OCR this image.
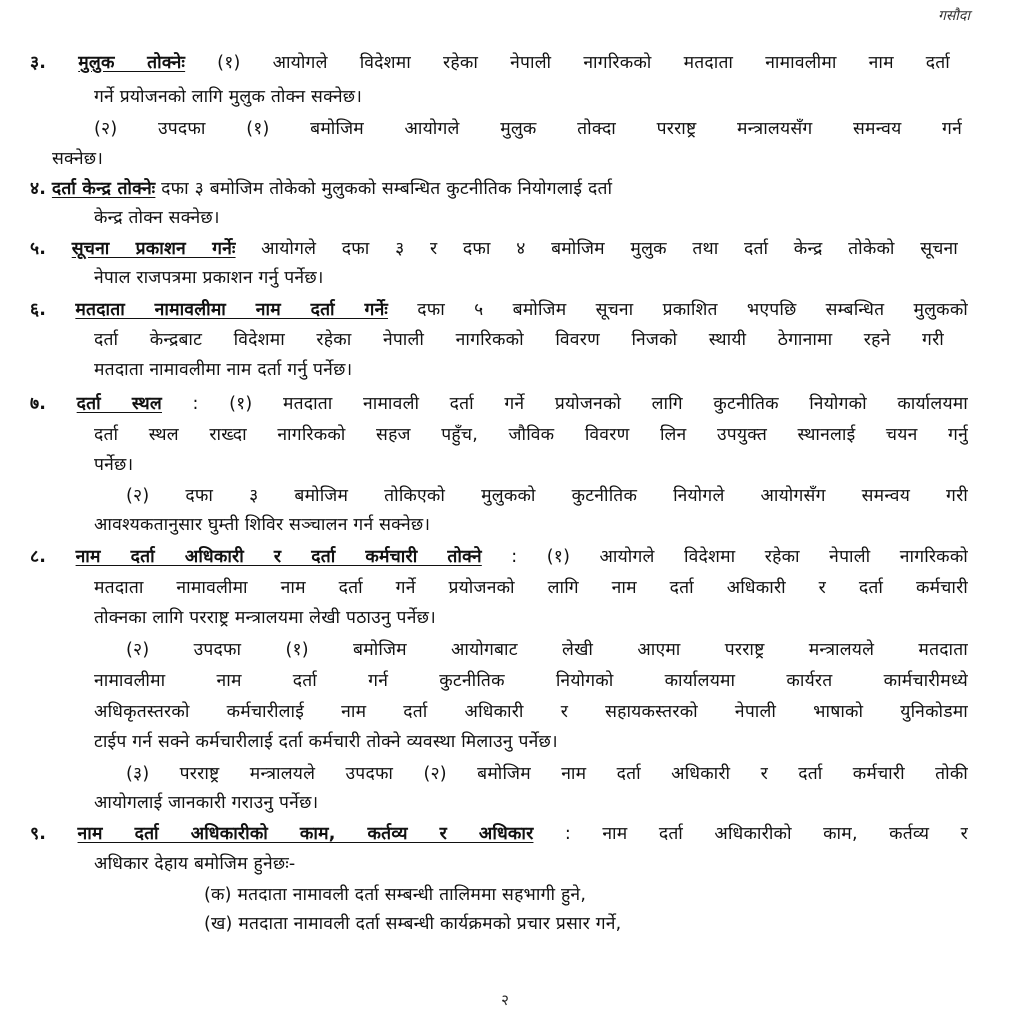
गसौदा
३. मुलुक तोक्नेः (१) आयोगले विदेशमा रहेका नेपाली नागरिकको मतदाता नामावलीमा नाम दर्ता
गर्ने प्रयोजनको लागि मुलुक तोक्न सक्नेछ।
(२) उपदफा (१) बमोजिम आयोगले मुलुक तोक्दा परराष्ट्र मन्त्रालयसँग समन्वय गर्न
सक्नेछ।
४. दर्ता केन्द्र तोक्नेः दफा ३ बमोजिम तोकेको मुलुकको सम्बन्धित कुटनीतिक नियोगलाई दर्ता
केन्द्र तोक्न सक्नेछ।
५. सूचना प्रकाशन गर्नेः आयोगले दफा ३ र दफा ४ बमोजिम मुलुक तथा दर्ता केन्द्र तोकेको सूचना
नेपाल राजपत्रमा प्रकाशन गर्नु पर्नेछ।
६. मतदाता नामावलीमा नाम दर्ता गर्नेः दफा ५ बमोजिम सूचना प्रकाशित भएपछि सम्बन्धित मुलुकको
दर्ता केन्द्रबाट विदेशमा रहेका नेपाली नागरिकको विवरण निजको स्थायी ठेगानामा रहने गरी
मतदाता नामावलीमा नाम दर्ता गर्नु पर्नेछ।
७. दर्ता स्थल : (१) मतदाता नामावली दर्ता गर्ने प्रयोजनको लागि कुटनीतिक नियोगको कार्यालयमा
दर्ता स्थल राख्दा नागरिकको सहज पहुँच, जौविक विवरण लिन उपयुक्त स्थानलाई चयन गर्नु
पर्नेछ।
(२) दफा ३ बमोजिम तोकिएको मुलुकको कुटनीतिक नियोगले आयोगसँग समन्वय गरी
आवश्यकतानुसार घुम्ती शिविर सञ्चालन गर्न सक्नेछ।
८. नाम दर्ता अधिकारी र दर्ता कर्मचारी तोक्ने : (१) आयोगले विदेशमा रहेका नेपाली नागरिकको
मतदाता नामावलीमा नाम दर्ता गर्ने प्रयोजनको लागि नाम दर्ता अधिकारी र दर्ता कर्मचारी
तोक्नका लागि परराष्ट्र मन्त्रालयमा लेखी पठाउनु पर्नेछ।
(२) उपदफा (१) बमोजिम आयोगबाट लेखी आएमा परराष्ट्र मन्त्रालयले मतदाता
नामावलीमा नाम दर्ता गर्न कुटनीतिक नियोगको कार्यालयमा कार्यरत कार्मचारीमध्ये
अधिकृतस्तरको कर्मचारीलाई नाम दर्ता अधिकारी र सहायकस्तरको नेपाली भाषाको युनिकोडमा
टाईप गर्न सक्ने कर्मचारीलाई दर्ता कर्मचारी तोक्ने व्यवस्था मिलाउनु पर्नेछ।
(३) परराष्ट्र मन्त्रालयले उपदफा (२) बमोजिम नाम दर्ता अधिकारी र दर्ता कर्मचारी तोकी
आयोगलाई जानकारी गराउनु पर्नेछ।
९. नाम दर्ता अधिकारीको काम, कर्तव्य र अधिकार : नाम दर्ता अधिकारीको काम, कर्तव्य र
अधिकार देहाय बमोजिम हुनेछः-
(क) मतदाता नामावली दर्ता सम्बन्धी तालिममा सहभागी हुने,
(ख) मतदाता नामावली दर्ता सम्बन्धी कार्यक्रमको प्रचार प्रसार गर्ने,
२
